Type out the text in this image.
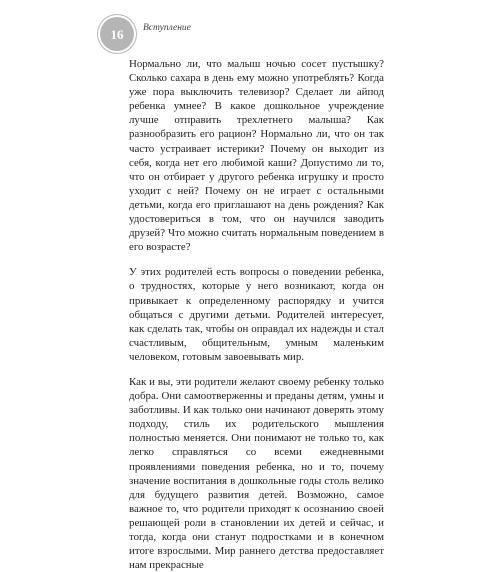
16 Вступление

Нормально ли, что малыш ночью сосет пустышку? Сколько сахара в день ему можно употреблять? Когда уже пора выключить телевизор? Сделает ли айпод ребенка умнее? В какое дошкольное учреждение лучше отправить трехлетнего малыша? Как разнообразить его рацион? Нормально ли, что он так часто устраивает истерики? Почему он выходит из себя, когда нет его любимой каши? Допустимо ли то, что он отбирает у другого ребенка игрушку и просто уходит с ней? Почему он не играет с остальными детьми, когда его приглашают на день рождения? Как удостовериться в том, что он научился заводить друзей? Что можно считать нормальным поведением в его возрасте?

У этих родителей есть вопросы о поведении ребенка, о трудностях, которые у него возникают, когда он привыкает к определенному распорядку и учится общаться с другими детьми. Родителей интересует, как сделать так, чтобы он оправдал их надежды и стал счастливым, общительным, умным маленьким человеком, готовым завоевывать мир.

Как и вы, эти родители желают своему ребенку только добра. Они самоотверженны и преданы детям, умны и заботливы. И как только они начинают доверять этому подходу, стиль их родительского мышления полностью меняется. Они понимают не только то, как легко справляться со всеми ежедневными проявлениями поведения ребенка, но и то, почему значение воспитания в дошкольные годы столь велико для будущего развития детей. Возможно, самое важное то, что родители приходят к осознанию своей решающей роли в становлении их детей и сейчас, и тогда, когда они станут подростками и в конечном итоге взрослыми. Мир раннего детства предоставляет нам прекрасные
